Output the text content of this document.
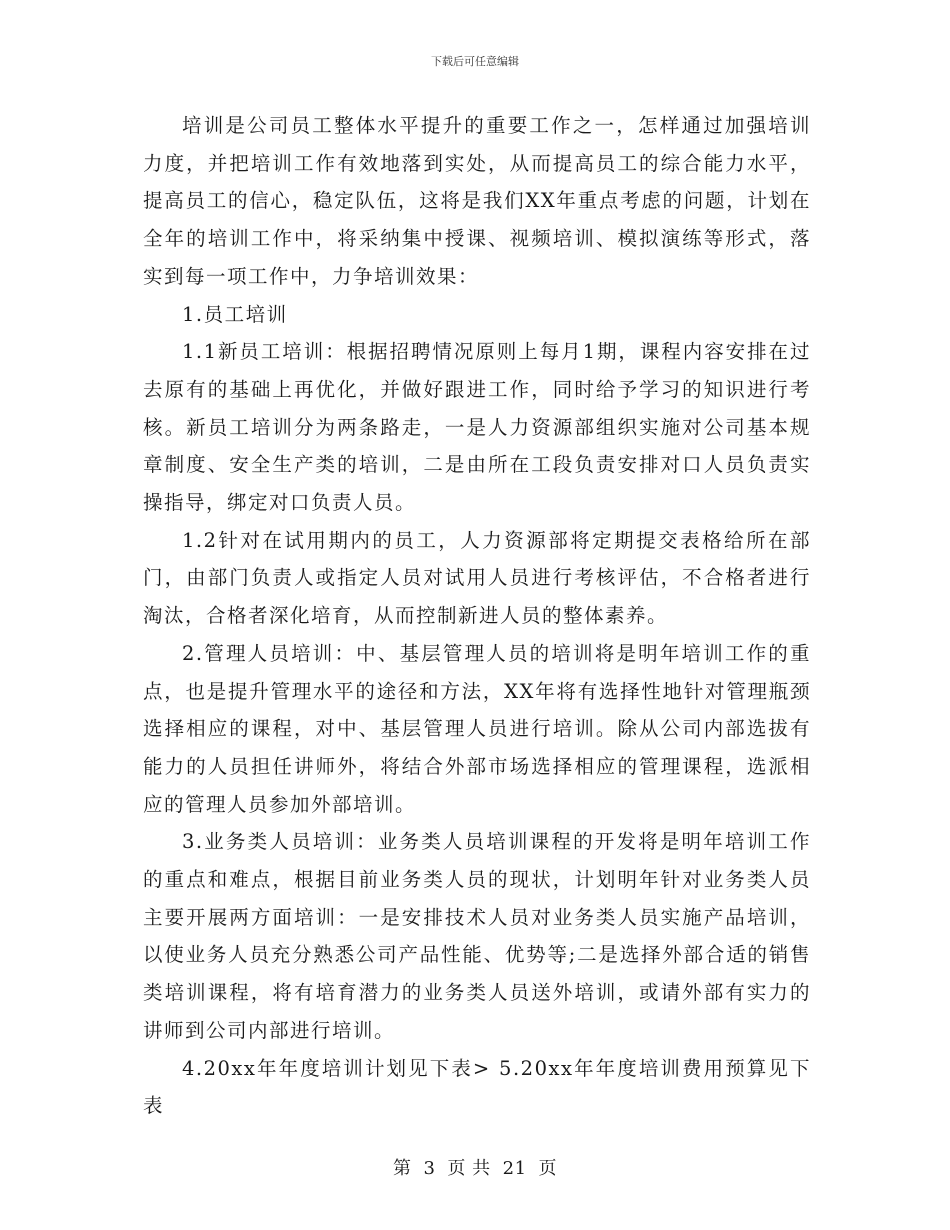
下载后可任意编辑

培训是公司员工整体水平提升的重要工作之一，怎样通过加强培训力度，并把培训工作有效地落到实处，从而提高员工的综合能力水平，提高员工的信心，稳定队伍，这将是我们XX年重点考虑的问题，计划在全年的培训工作中，将采纳集中授课、视频培训、模拟演练等形式，落实到每一项工作中，力争培训效果：

1.员工培训

1.1新员工培训：根据招聘情况原则上每月1期，课程内容安排在过去原有的基础上再优化，并做好跟进工作，同时给予学习的知识进行考核。新员工培训分为两条路走，一是人力资源部组织实施对公司基本规章制度、安全生产类的培训，二是由所在工段负责安排对口人员负责实操指导，绑定对口负责人员。

1.2针对在试用期内的员工，人力资源部将定期提交表格给所在部门，由部门负责人或指定人员对试用人员进行考核评估，不合格者进行淘汰，合格者深化培育，从而控制新进人员的整体素养。

2.管理人员培训：中、基层管理人员的培训将是明年培训工作的重点，也是提升管理水平的途径和方法，XX年将有选择性地针对管理瓶颈选择相应的课程，对中、基层管理人员进行培训。除从公司内部选拔有能力的人员担任讲师外，将结合外部市场选择相应的管理课程，选派相应的管理人员参加外部培训。

3.业务类人员培训：业务类人员培训课程的开发将是明年培训工作的重点和难点，根据目前业务类人员的现状，计划明年针对业务类人员主要开展两方面培训：一是安排技术人员对业务类人员实施产品培训，以使业务人员充分熟悉公司产品性能、优势等;二是选择外部合适的销售类培训课程，将有培育潜力的业务类人员送外培训，或请外部有实力的讲师到公司内部进行培训。

4.20xx年年度培训计划见下表> 5.20xx年年度培训费用预算见下表

第 3 页 共 21 页
